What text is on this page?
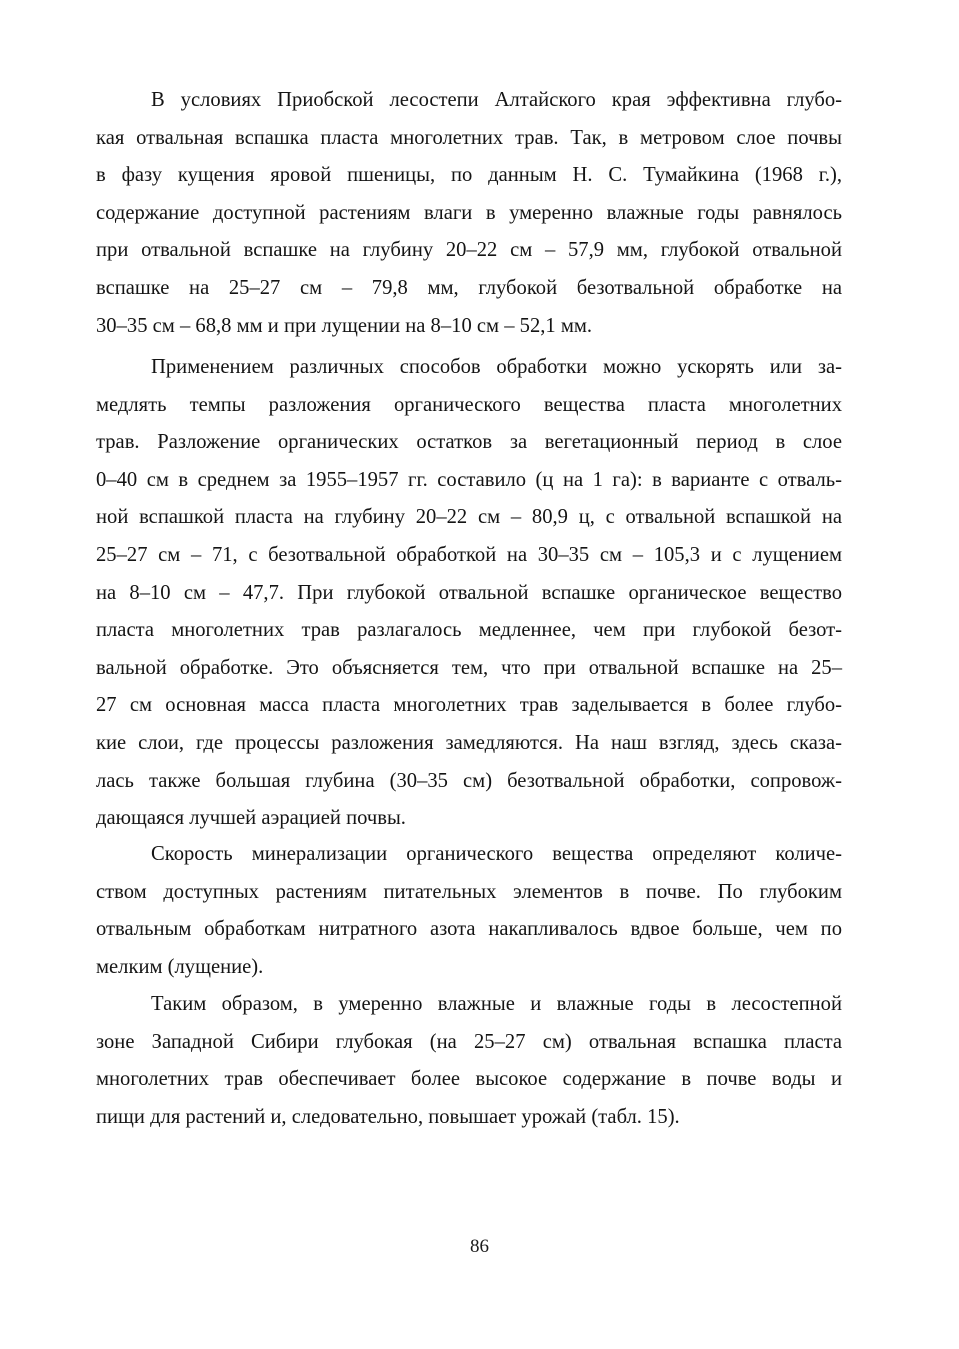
В условиях Приобской лесостепи Алтайского края эффективна глубо-
кая отвальная вспашка пласта многолетних трав. Так, в метровом слое почвы
в фазу кущения яровой пшеницы, по данным Н. С. Тумайкина (1968 г.),
содержание доступной растениям влаги в умеренно влажные годы равнялось
при отвальной вспашке на глубину 20–22 см – 57,9 мм, глубокой отвальной
вспашке на 25–27 см – 79,8 мм, глубокой безотвальной обработке на
30–35 см – 68,8 мм и при лущении на 8–10 см – 52,1 мм.
Применением различных способов обработки можно ускорять или за-
медлять темпы разложения органического вещества пласта многолетних
трав. Разложение органических остатков за вегетационный период в слое
0–40 см в среднем за 1955–1957 гг. составило (ц на 1 га): в варианте с отваль-
ной вспашкой пласта на глубину 20–22 см – 80,9 ц, с отвальной вспашкой на
25–27 см – 71, с безотвальной обработкой на 30–35 см – 105,3 и с лущением
на 8–10 см – 47,7. При глубокой отвальной вспашке органическое вещество
пласта многолетних трав разлагалось медленнее, чем при глубокой безот-
вальной обработке. Это объясняется тем, что при отвальной вспашке на 25–
27 см основная масса пласта многолетних трав заделывается в более глубо-
кие слои, где процессы разложения замедляются. На наш взгляд, здесь сказа-
лась также большая глубина (30–35 см) безотвальной обработки, сопровож-
дающаяся лучшей аэрацией почвы.
Скорость минерализации органического вещества определяют количе-
ством доступных растениям питательных элементов в почве. По глубоким
отвальным обработкам нитратного азота накапливалось вдвое больше, чем по
мелким (лущение).
Таким образом, в умеренно влажные и влажные годы в лесостепной
зоне Западной Сибири глубокая (на 25–27 см) отвальная вспашка пласта
многолетних трав обеспечивает более высокое содержание в почве воды и
пищи для растений и, следовательно, повышает урожай (табл. 15).
86
